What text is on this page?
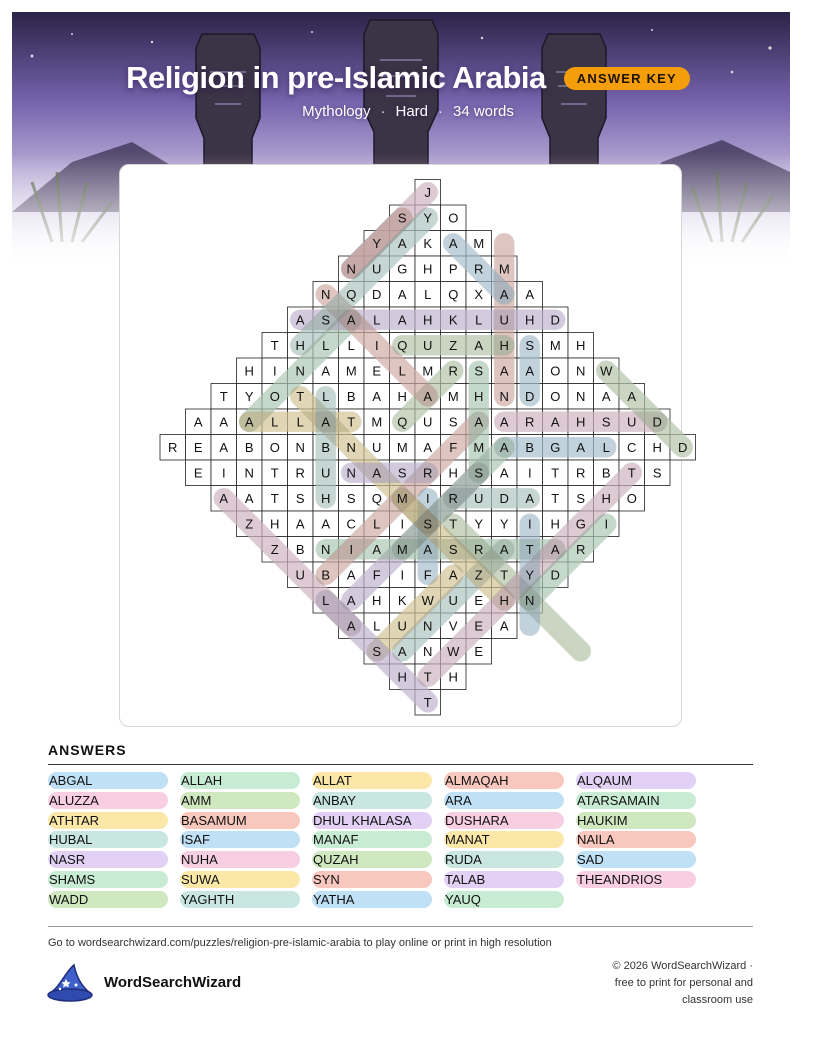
Religion in pre-Islamic Arabia ANSWER KEY
Mythology · Hard · 34 words
J
S Y O
Y A K A M
N U G H P R M
N Q D A L Q X A A
A S A L A H K L U H D
T H L L I Q U Z A H S M H
H I N A M E L M R S A A O N W
T Y O T L B A H A M H N D O N A A
A A A L L A T M Q U S A A R A H S U D
R E A B O N B N U M A F M A B G A L C H D
E I N T R U N A S R H S A I T R B T S
A A T S H S Q M I R U D A T S H O
Z H A A C L I S T Y Y I H G I
Z B N I A M A S R A T A R
U B A F I F A Z T Y D
L A H K W U E H N
A L U N V E A
S A N W E
H T H
T
ANSWERS
ABGAL	ALLAH	ALLAT	ALMAQAH	ALQAUM
ALUZZA	AMM	ANBAY	ARA	ATARSAMAIN
ATHTAR	BASAMUM	DHUL KHALASA	DUSHARA	HAUKIM
HUBAL	ISAF	MANAF	MANAT	NAILA
NASR	NUHA	QUZAH	RUDA	SAD
SHAMS	SUWA	SYN	TALAB	THEANDRIOS
WADD	YAGHTH	YATHA	YAUQ
Go to wordsearchwizard.com/puzzles/religion-pre-islamic-arabia to play online or print in high resolution
WordSearchWizard
© 2026 WordSearchWizard ·
free to print for personal and
classroom use
